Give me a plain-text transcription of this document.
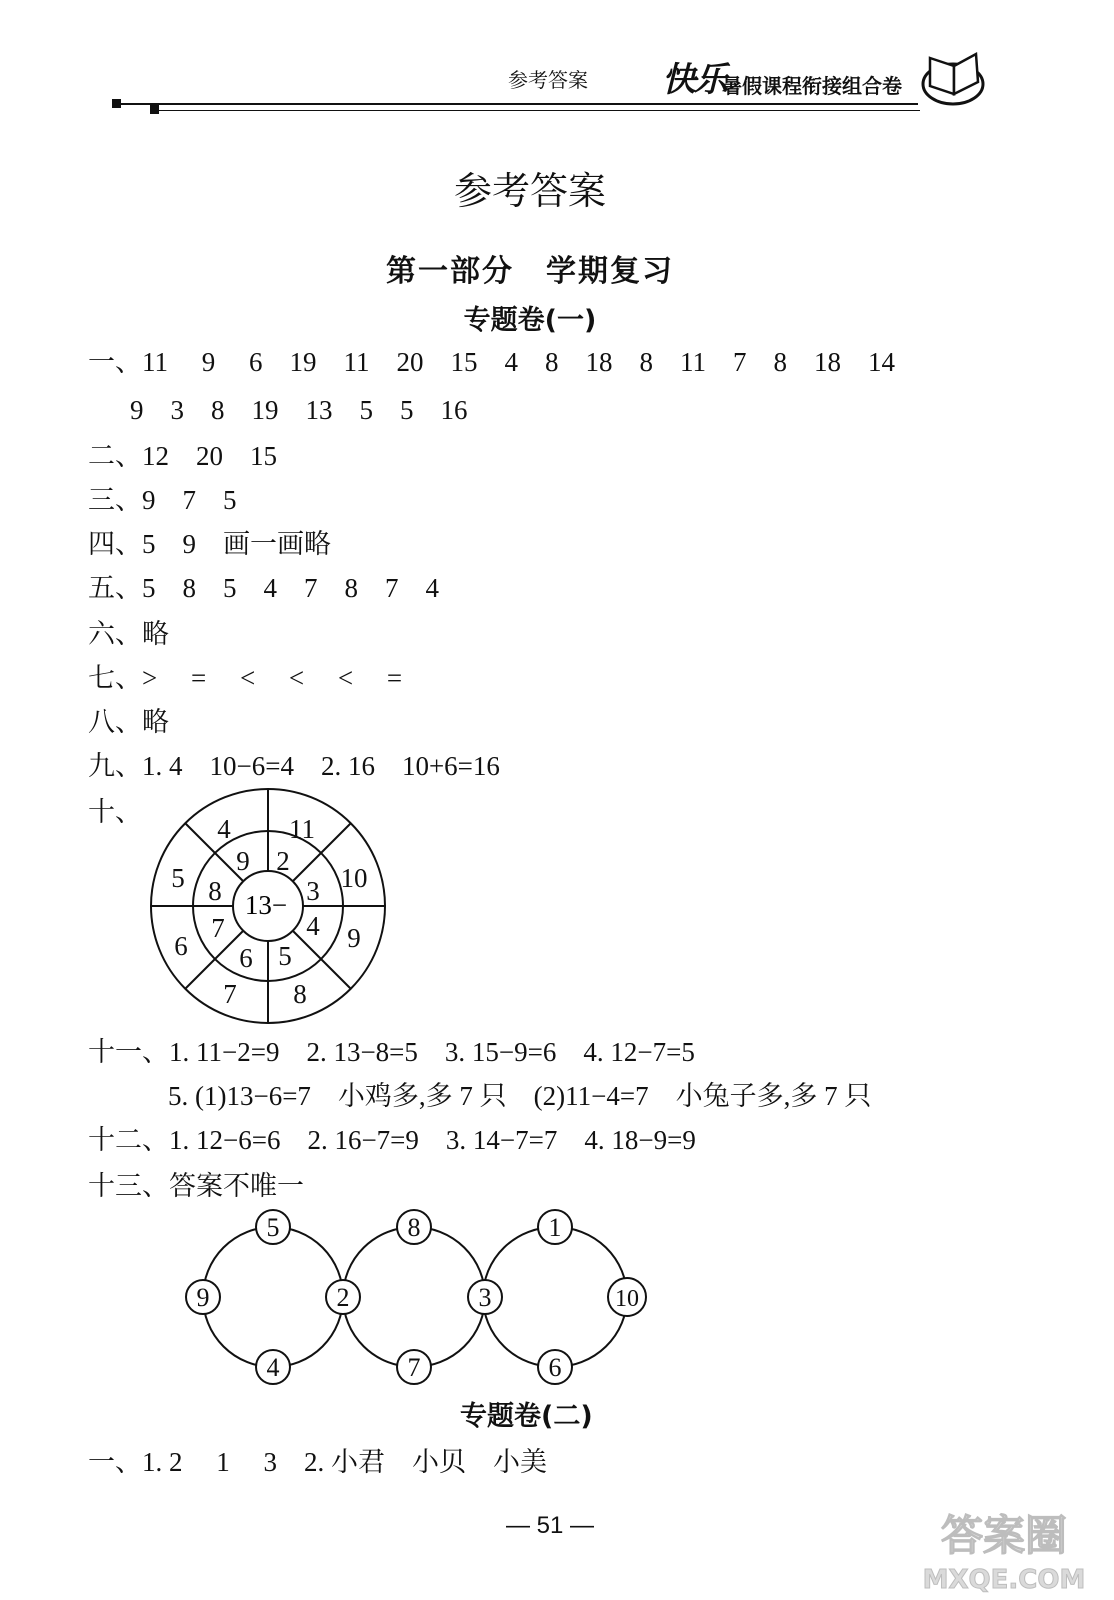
参考答案 快乐
暑假课程衔接组合卷
参考答案
第一部分　学期复习
专题卷(一)
一、11　 9　 6　19　11　20　15　4　8　18　8　11　7　8　18　14
9　3　8　19　13　5　5　16
二、12　20　15
三、9　7　5
四、5　9　画一画略
五、5　8　5　4　7　8　7　4
六、略
七、>　 =　 <　 <　 <　 =
八、略
九、1. 4　10−6=4　2. 16　10+6=16
十、
9 2
3
4
5
6
7
8
4 11
10
9
8
7
6
5
13−
十一、1. 11−2=9　2. 13−8=5　3. 15−9=6　4. 12−7=5
5. (1)13−6=7　小鸡多,多 7 只　(2)11−4=7　小兔子多,多 7 只
十二、1. 12−6=6　2. 16−7=9　3. 14−7=7　4. 18−9=9
十三、答案不唯一
5
9
4
2
8
7
3
1
10
6
专题卷(二)
一、1. 2　 1　 3　2. 小君　小贝　小美
— 51 —	答案圈
MXQE.COM
